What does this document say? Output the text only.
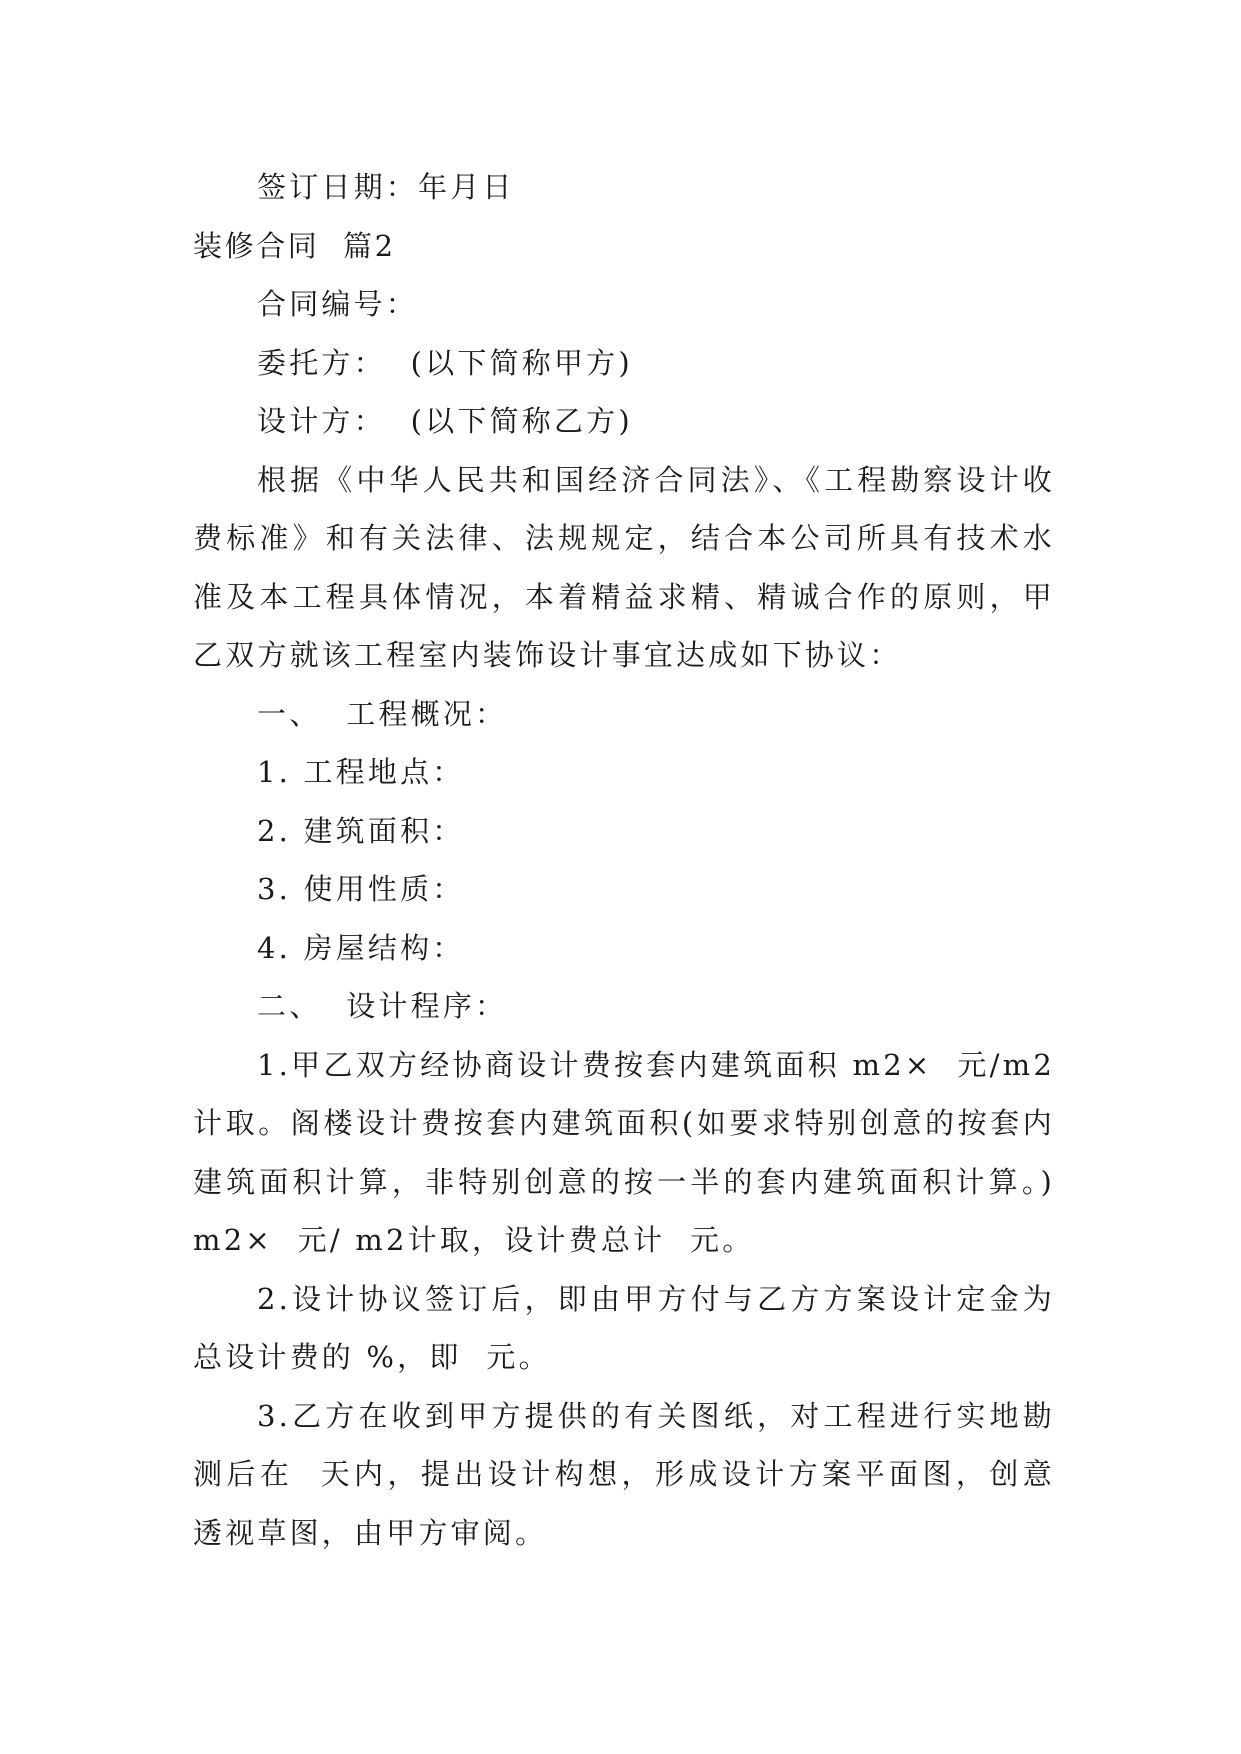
签订日期：年月日

装修合同  篇2

合同编号：

委托方：  (以下简称甲方)

设计方：  (以下简称乙方)

根据《中华人民共和国经济合同法》、《工程勘察设计收费标准》和有关法律、法规规定，结合本公司所具有技术水准及本工程具体情况，本着精益求精、精诚合作的原则，甲乙双方就该工程室内装饰设计事宜达成如下协议：

一、  工程概况：

1. 工程地点：

2. 建筑面积：

3. 使用性质：

4. 房屋结构：

二、  设计程序：

1.甲乙双方经协商设计费按套内建筑面积 m2×  元/m2计取。阁楼设计费按套内建筑面积(如要求特别创意的按套内建筑面积计算，非特别创意的按一半的套内建筑面积计算。)m2×  元/ m2计取，设计费总计  元。

2.设计协议签订后，即由甲方付与乙方方案设计定金为总设计费的 %，即  元。

3.乙方在收到甲方提供的有关图纸，对工程进行实地勘测后在  天内，提出设计构想，形成设计方案平面图，创意透视草图，由甲方审阅。
